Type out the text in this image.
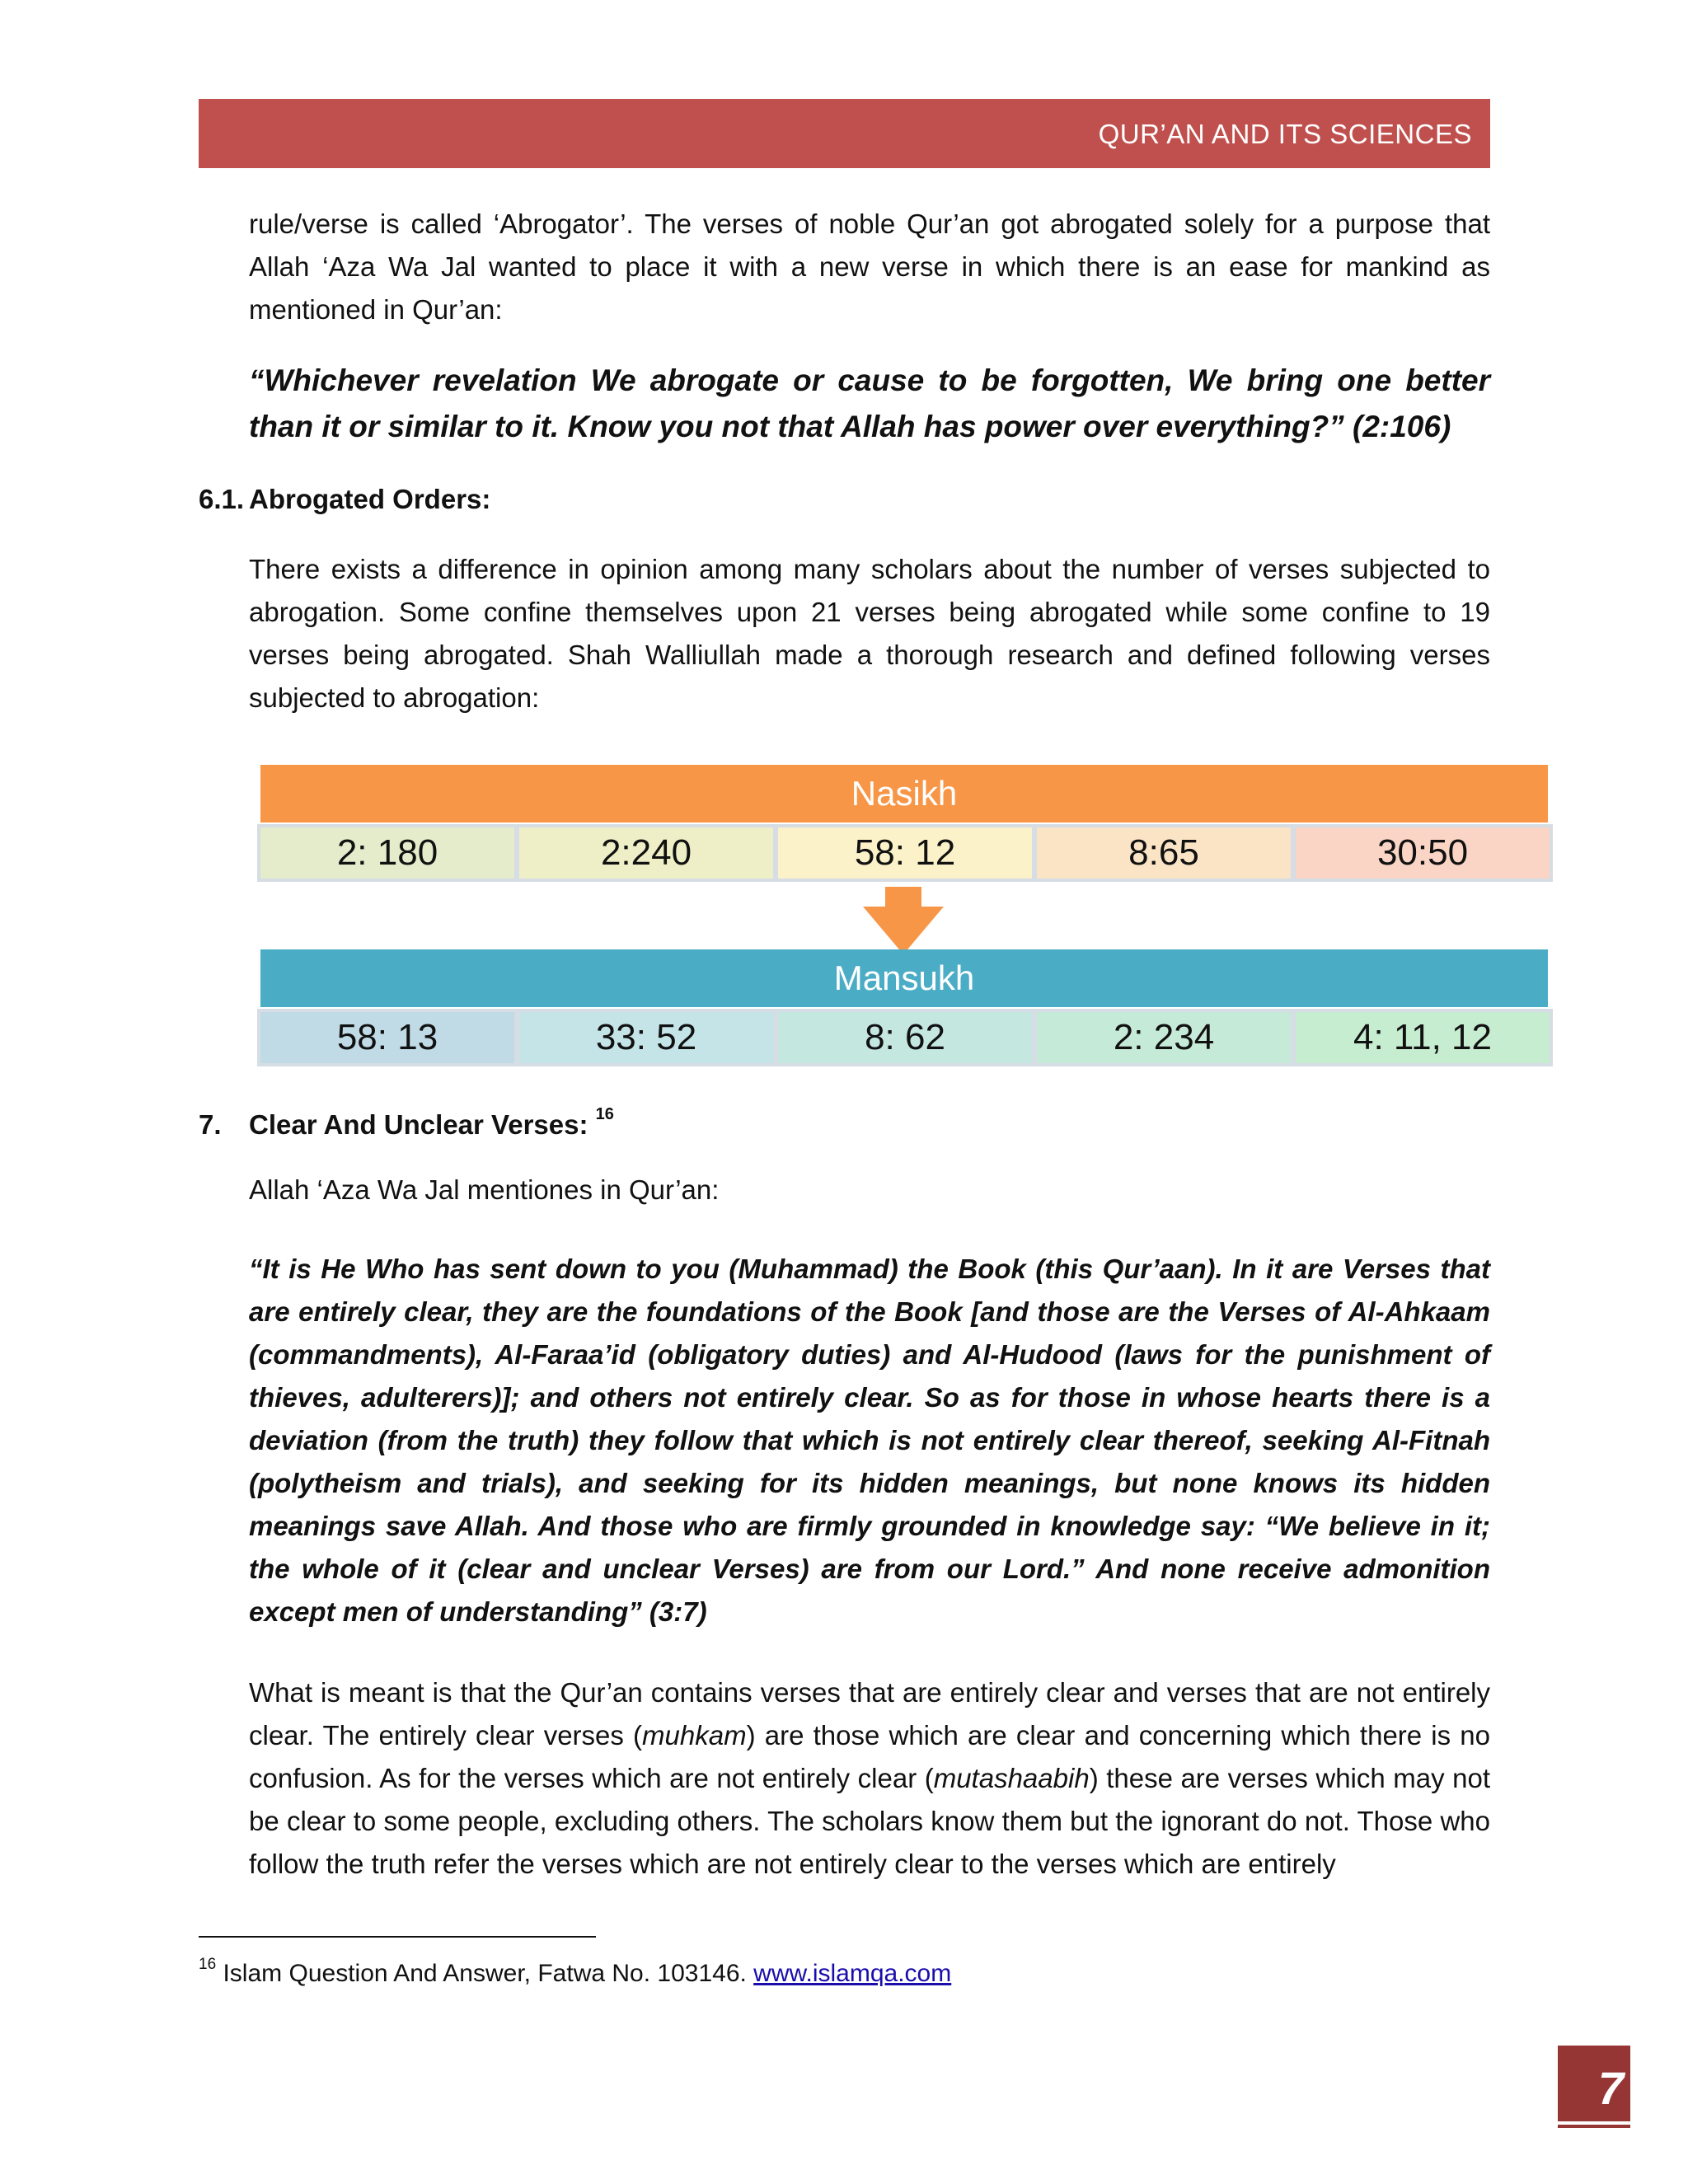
QUR’AN AND ITS SCIENCES

rule/verse is called ‘Abrogator’. The verses of noble Qur’an got abrogated solely for a purpose that Allah ‘Aza Wa Jal wanted to place it with a new verse in which there is an ease for mankind as mentioned in Qur’an:

“Whichever revelation We abrogate or cause to be forgotten, We bring one better than it or similar to it. Know you not that Allah has power over everything?” (2:106)

6.1. Abrogated Orders:

There exists a difference in opinion among many scholars about the number of verses subjected to abrogation. Some confine themselves upon 21 verses being abrogated while some confine to 19 verses being abrogated. Shah Walliullah made a thorough research and defined following verses subjected to abrogation:

Nasikh
2: 180	2:240	58: 12	8:65	30:50
Mansukh
58: 13	33: 52	8: 62	2: 234	4: 11, 12
7. Clear And Unclear Verses: $^{16}$

Allah ‘Aza Wa Jal mentiones in Qur’an:

“It is He Who has sent down to you (Muhammad) the Book (this Qur’aan). In it are Verses that are entirely clear, they are the foundations of the Book [and those are the Verses of Al-Ahkaam (commandments), Al-Faraa’id (obligatory duties) and Al-Hudood (laws for the punishment of thieves, adulterers)]; and others not entirely clear. So as for those in whose hearts there is a deviation (from the truth) they follow that which is not entirely clear thereof, seeking Al-Fitnah (polytheism and trials), and seeking for its hidden meanings, but none knows its hidden meanings save Allah. And those who are firmly grounded in knowledge say: “We believe in it; the whole of it (clear and unclear Verses) are from our Lord.” And none receive admonition except men of understanding” (3:7)

What is meant is that the Qur’an contains verses that are entirely clear and verses that are not entirely clear. The entirely clear verses (muhkam) are those which are clear and concerning which there is no confusion. As for the verses which are not entirely clear (mutashaabih) these are verses which may not be clear to some people, excluding others. The scholars know them but the ignorant do not. Those who follow the truth refer the verses which are not entirely clear to the verses which are entirely

$^{16}$ Islam Question And Answer, Fatwa No. 103146. www.islamqa.com
7
